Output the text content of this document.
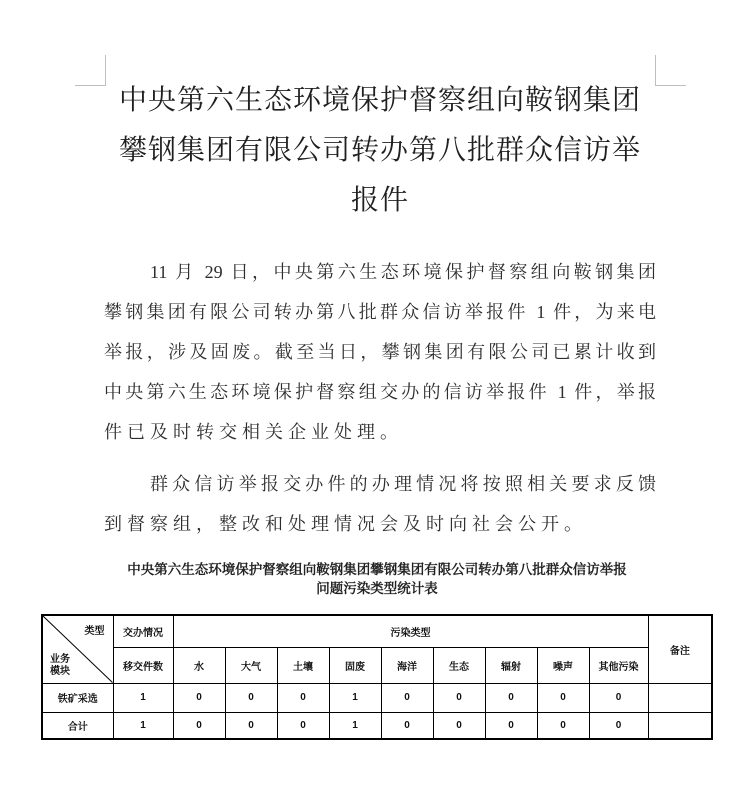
中央第六生态环境保护督察组向鞍钢集团
攀钢集团有限公司转办第八批群众信访举
报件
11 月 29 日，中央第六生态环境保护督察组向鞍钢集团
攀钢集团有限公司转办第八批群众信访举报件 1 件，为来电
举报，涉及固废。截至当日，攀钢集团有限公司已累计收到
中央第六生态环境保护督察组交办的信访举报件 1 件，举报
件已及时转交相关企业处理。
群众信访举报交办件的办理情况将按照相关要求反馈
到督察组，整改和处理情况会及时向社会公开。
中央第六生态环境保护督察组向鞍钢集团攀钢集团有限公司转办第八批群众信访举报
问题污染类型统计表
类型
业务
模块	交办情况	污染类型									备注
	移交件数	水	大气	土壤	固废	海洋	生态	辐射	噪声	其他污染	
铁矿采选	1	0	0	0	1	0	0	0	0	0	
合计	1	0	0	0	1	0	0	0	0	0	
